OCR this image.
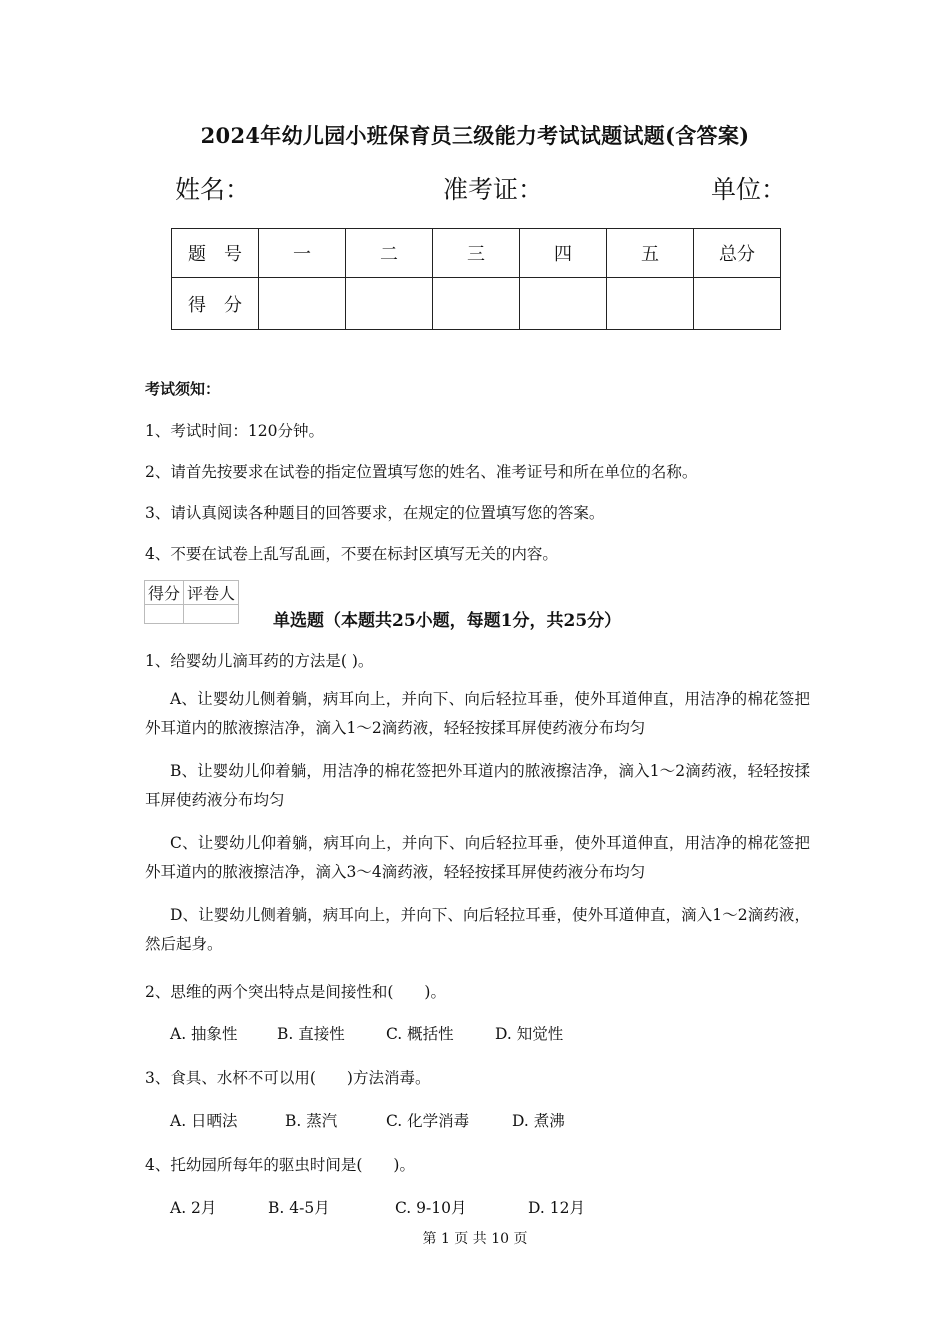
2024年幼儿园小班保育员三级能力考试试题试题(含答案)
姓名：	准考证：	单位：
题　号	一	二	三	四	五	总分
得　分						
考试须知：
1、考试时间：120分钟。
2、请首先按要求在试卷的指定位置填写您的姓名、准考证号和所在单位的名称。
3、请认真阅读各种题目的回答要求，在规定的位置填写您的答案。
4、不要在试卷上乱写乱画，不要在标封区填写无关的内容。
得分	评卷人

单选题（本题共25小题，每题1分，共25分）
1、给婴幼儿滴耳药的方法是( )。
A、让婴幼儿侧着躺，病耳向上，并向下、向后轻拉耳垂，使外耳道伸直，用洁净的棉花签把外耳道内的脓液擦洁净，滴入1～2滴药液，轻轻按揉耳屏使药液分布均匀
B、让婴幼儿仰着躺，用洁净的棉花签把外耳道内的脓液擦洁净，滴入1～2滴药液，轻轻按揉耳屏使药液分布均匀
C、让婴幼儿仰着躺，病耳向上，并向下、向后轻拉耳垂，使外耳道伸直，用洁净的棉花签把外耳道内的脓液擦洁净，滴入3～4滴药液，轻轻按揉耳屏使药液分布均匀
D、让婴幼儿侧着躺，病耳向上，并向下、向后轻拉耳垂，使外耳道伸直，滴入1～2滴药液，然后起身。
2、思维的两个突出特点是间接性和(　　)。
A. 抽象性	B. 直接性	C. 概括性	D. 知觉性
3、食具、水杯不可以用(　　)方法消毒。
A. 日晒法	B. 蒸汽	C. 化学消毒	D. 煮沸
4、托幼园所每年的驱虫时间是(　　)。
A. 2月	B. 4-5月	C. 9-10月	D. 12月
第 1 页 共 10 页
